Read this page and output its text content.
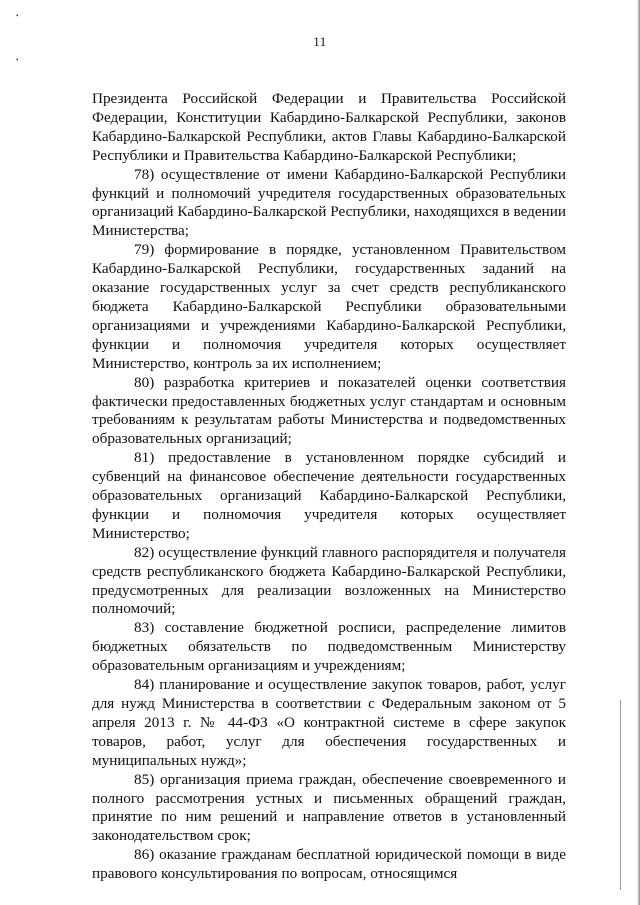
•
•
11

Президента Российской Федерации и Правительства Российской Федерации, Конституции Кабардино-Балкарской Республики, законов Кабардино-Балкарской Республики, актов Главы Кабардино-Балкарской Республики и Правительства Кабардино-Балкарской Республики;

78) осуществление от имени Кабардино-Балкарской Республики функций и полномочий учредителя государственных образовательных организаций Кабардино-Балкарской Республики, находящихся в ведении Министерства;

79) формирование в порядке, установленном Правительством Кабардино-Балкарской Республики, государственных заданий на оказание государственных услуг за счет средств республиканского бюджета Кабардино-Балкарской Республики образовательными организациями и учреждениями Кабардино-Балкарской Республики, функции и полномочия учредителя которых осуществляет Министерство, контроль за их исполнением;

80) разработка критериев и показателей оценки соответствия фактически предоставленных бюджетных услуг стандартам и основным требованиям к результатам работы Министерства и подведомственных образовательных организаций;

81) предоставление в установленном порядке субсидий и субвенций на финансовое обеспечение деятельности государственных образовательных организаций Кабардино-Балкарской Республики, функции и полномочия учредителя которых осуществляет Министерство;

82) осуществление функций главного распорядителя и получателя средств республиканского бюджета Кабардино-Балкарской Республики, предусмотренных для реализации возложенных на Министерство полномочий;

83) составление бюджетной росписи, распределение лимитов бюджетных обязательств по подведомственным Министерству образовательным организациям и учреждениям;

84) планирование и осуществление закупок товаров, работ, услуг для нужд Министерства в соответствии с Федеральным законом от 5 апреля 2013 г. № 44-ФЗ «О контрактной системе в сфере закупок товаров, работ, услуг для обеспечения государственных и муниципальных нужд»;

85) организация приема граждан, обеспечение своевременного и полного рассмотрения устных и письменных обращений граждан, принятие по ним решений и направление ответов в установленный законодательством срок;

86) оказание гражданам бесплатной юридической помощи в виде правового консультирования по вопросам, относящимся
